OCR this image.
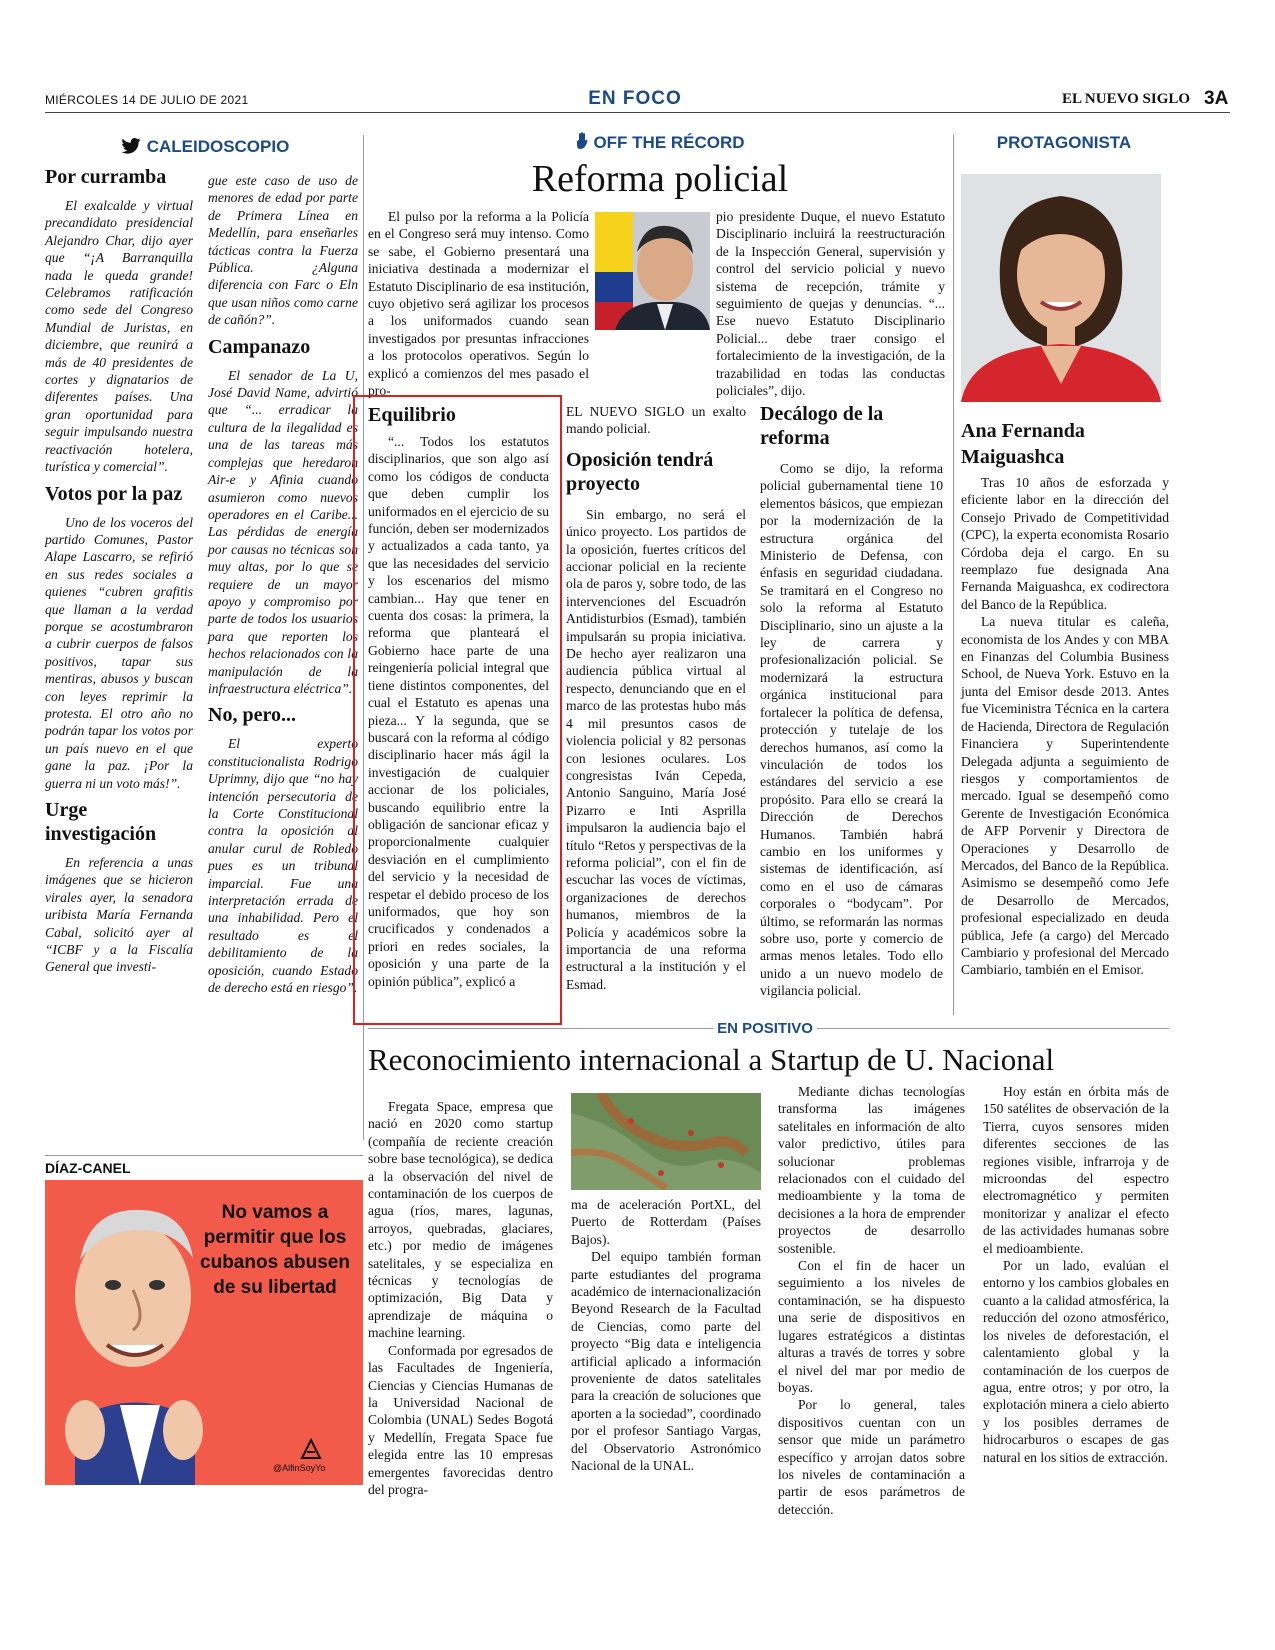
MIÉRCOLES 14 DE JULIO DE 2021	EN FOCO	EL NUEVO SIGLO 3A
CALEIDOSCOPIO
Por curramba

El exalcalde y virtual precandidato presidencial Alejandro Char, dijo ayer que “¡A Barranquilla nada le queda grande! Celebramos ratificación como sede del Congreso Mundial de Juristas, en diciembre, que reunirá a más de 40 presidentes de cortes y dignatarios de diferentes países. Una gran oportunidad para seguir impulsando nuestra reactivación hotelera, turística y comercial”.

Votos por la paz

Uno de los voceros del partido Comunes, Pastor Alape Lascarro, se refirió en sus redes sociales a quienes “cubren grafitis que llaman a la verdad porque se acostumbraron a cubrir cuerpos de falsos positivos, tapar sus mentiras, abusos y buscan con leyes reprimir la protesta. El otro año no podrán tapar los votos por un país nuevo en el que gane la paz. ¡Por la guerra ni un voto más!”.

Urge investigación

En referencia a unas imágenes que se hicieron virales ayer, la senadora uribista María Fernanda Cabal, solicitó ayer al “ICBF y a la Fiscalía General que investi-

gue este caso de uso de menores de edad por parte de Primera Línea en Medellín, para enseñarles tácticas contra la Fuerza Pública. ¿Alguna diferencia con Farc o Eln que usan niños como carne de cañón?”.

Campanazo

El senador de La U, José David Name, advirtió que “... erradicar la cultura de la ilegalidad es una de las tareas más complejas que heredaron Air-e y Afinia cuando asumieron como nuevos operadores en el Caribe... Las pérdidas de energía por causas no técnicas son muy altas, por lo que se requiere de un mayor apoyo y compromiso por parte de todos los usuarios para que reporten los hechos relacionados con la manipulación de la infraestructura eléctrica”.

No, pero...

El experto constitucionalista Rodrigo Uprimny, dijo que “no hay intención persecutoria de la Corte Constitucional contra la oposición al anular curul de Robledo pues es un tribunal imparcial. Fue una interpretación errada de una inhabilidad. Pero el resultado es el debilitamiento de la oposición, cuando Estado de derecho está en riesgo”.

DÍAZ-CANEL
No vamos a permitir que los cubanos abusen de su libertad
@AlfinSoyYo
OFF THE RÉCORD
Reforma policial

El pulso por la reforma a la Policía en el Congreso será muy intenso. Como se sabe, el Gobierno presentará una iniciativa destinada a modernizar el Estatuto Disciplinario de esa institución, cuyo objetivo será agilizar los procesos a los uniformados cuando sean investigados por presuntas infracciones a los protocolos operativos. Según lo explicó a comienzos del mes pasado el pro-

pio presidente Duque, el nuevo Estatuto Disciplinario incluirá la reestructuración de la Inspección General, supervisión y control del servicio policial y nuevo sistema de recepción, trámite y seguimiento de quejas y denuncias. “... Ese nuevo Estatuto Disciplinario Policial... debe traer consigo el fortalecimiento de la investigación, de la trazabilidad en todas las conductas policiales”, dijo.

Equilibrio

“... Todos los estatutos disciplinarios, que son algo así como los códigos de conducta que deben cumplir los uniformados en el ejercicio de su función, deben ser modernizados y actualizados a cada tanto, ya que las necesidades del servicio y los escenarios del mismo cambian... Hay que tener en cuenta dos cosas: la primera, la reforma que planteará el Gobierno hace parte de una reingeniería policial integral que tiene distintos componentes, del cual el Estatuto es apenas una pieza... Y la segunda, que se buscará con la reforma al código disciplinario hacer más ágil la investigación de cualquier accionar de los policiales, buscando equilibrio entre la obligación de sancionar eficaz y proporcionalmente cualquier desviación en el cumplimiento del servicio y la necesidad de respetar el debido proceso de los uniformados, que hoy son crucificados y condenados a priori en redes sociales, la oposición y una parte de la opinión pública”, explicó a

EL NUEVO SIGLO un exalto mando policial.

Oposición tendrá proyecto

Sin embargo, no será el único proyecto. Los partidos de la oposición, fuertes críticos del accionar policial en la reciente ola de paros y, sobre todo, de las intervenciones del Escuadrón Antidisturbios (Esmad), también impulsarán su propia iniciativa. De hecho ayer realizaron una audiencia pública virtual al respecto, denunciando que en el marco de las protestas hubo más 4 mil presuntos casos de violencia policial y 82 personas con lesiones oculares. Los congresistas Iván Cepeda, Antonio Sanguino, María José Pizarro e Inti Asprilla impulsaron la audiencia bajo el título “Retos y perspectivas de la reforma policial”, con el fin de escuchar las voces de víctimas, organizaciones de derechos humanos, miembros de la Policía y académicos sobre la importancia de una reforma estructural a la institución y el Esmad.

Decálogo de la reforma

Como se dijo, la reforma policial gubernamental tiene 10 elementos básicos, que empiezan por la modernización de la estructura orgánica del Ministerio de Defensa, con énfasis en seguridad ciudadana. Se tramitará en el Congreso no solo la reforma al Estatuto Disciplinario, sino un ajuste a la ley de carrera y profesionalización policial. Se modernizará la estructura orgánica institucional para fortalecer la política de defensa, protección y tutelaje de los derechos humanos, así como la vinculación de todos los estándares del servicio a ese propósito. Para ello se creará la Dirección de Derechos Humanos. También habrá cambio en los uniformes y sistemas de identificación, así como en el uso de cámaras corporales o “bodycam”. Por último, se reformarán las normas sobre uso, porte y comercio de armas menos letales. Todo ello unido a un nuevo modelo de vigilancia policial.

PROTAGONISTA
Ana Fernanda Maiguashca

Tras 10 años de esforzada y eficiente labor en la dirección del Consejo Privado de Competitividad (CPC), la experta economista Rosario Córdoba deja el cargo. En su reemplazo fue designada Ana Fernanda Maiguashca, ex codirectora del Banco de la República.

La nueva titular es caleña, economista de los Andes y con MBA en Finanzas del Columbia Business School, de Nueva York. Estuvo en la junta del Emisor desde 2013. Antes fue Viceministra Técnica en la cartera de Hacienda, Directora de Regulación Financiera y Superintendente Delegada adjunta a seguimiento de riesgos y comportamientos de mercado. Igual se desempeñó como Gerente de Investigación Económica de AFP Porvenir y Directora de Operaciones y Desarrollo de Mercados, del Banco de la República. Asimismo se desempeñó como Jefe de Desarrollo de Mercados, profesional especializado en deuda pública, Jefe (a cargo) del Mercado Cambiario y profesional del Mercado Cambiario, también en el Emisor.

EN POSITIVO
Reconocimiento internacional a Startup de U. Nacional

Fregata Space, empresa que nació en 2020 como startup (compañía de reciente creación sobre base tecnológica), se dedica a la observación del nivel de contaminación de los cuerpos de agua (ríos, mares, lagunas, arroyos, quebradas, glaciares, etc.) por medio de imágenes satelitales, y se especializa en técnicas y tecnologías de optimización, Big Data y aprendizaje de máquina o machine learning.

Conformada por egresados de las Facultades de Ingeniería, Ciencias y Ciencias Humanas de la Universidad Nacional de Colombia (UNAL) Sedes Bogotá y Medellín, Fregata Space fue elegida entre las 10 empresas emergentes favorecidas dentro del progra-

ma de aceleración PortXL, del Puerto de Rotterdam (Países Bajos).

Del equipo también forman parte estudiantes del programa académico de internacionalización Beyond Research de la Facultad de Ciencias, como parte del proyecto “Big data e inteligencia artificial aplicado a información proveniente de datos satelitales para la creación de soluciones que aporten a la sociedad”, coordinado por el profesor Santiago Vargas, del Observatorio Astronómico Nacional de la UNAL.

Mediante dichas tecnologías transforma las imágenes satelitales en información de alto valor predictivo, útiles para solucionar problemas relacionados con el cuidado del medioambiente y la toma de decisiones a la hora de emprender proyectos de desarrollo sostenible.

Con el fin de hacer un seguimiento a los niveles de contaminación, se ha dispuesto una serie de dispositivos en lugares estratégicos a distintas alturas a través de torres y sobre el nivel del mar por medio de boyas.

Por lo general, tales dispositivos cuentan con un sensor que mide un parámetro específico y arrojan datos sobre los niveles de contaminación a partir de esos parámetros de detección.

Hoy están en órbita más de 150 satélites de observación de la Tierra, cuyos sensores miden diferentes secciones de las regiones visible, infrarroja y de microondas del espectro electromagnético y permiten monitorizar y analizar el efecto de las actividades humanas sobre el medioambiente.

Por un lado, evalúan el entorno y los cambios globales en cuanto a la calidad atmosférica, la reducción del ozono atmosférico, los niveles de deforestación, el calentamiento global y la contaminación de los cuerpos de agua, entre otros; y por otro, la explotación minera a cielo abierto y los posibles derrames de hidrocarburos o escapes de gas natural en los sitios de extracción.
